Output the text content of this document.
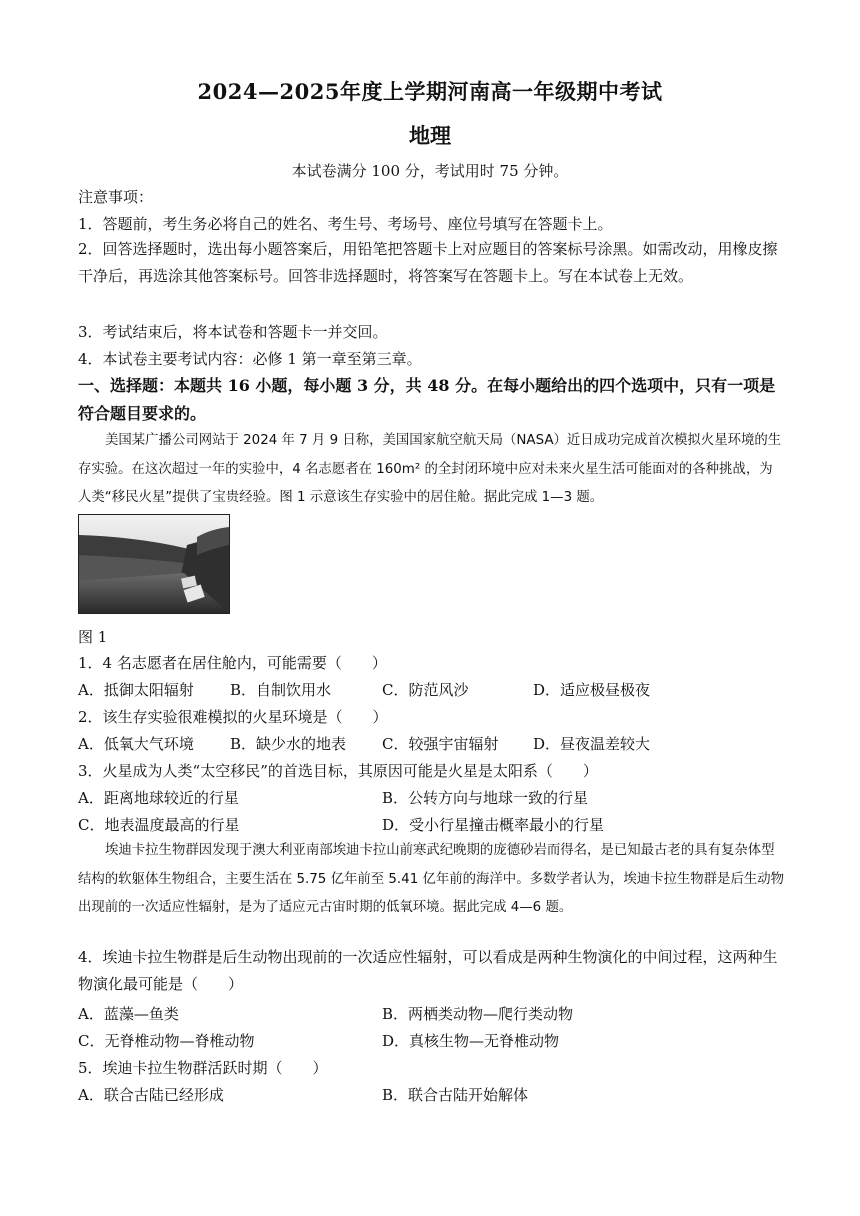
2024—2025年度上学期河南高一年级期中考试
地理
本试卷满分 100 分，考试用时 75 分钟。
注意事项：
1．答题前，考生务必将自己的姓名、考生号、考场号、座位号填写在答题卡上。
2．回答选择题时，选出每小题答案后，用铅笔把答题卡上对应题目的答案标号涂黑。如需改动，用橡皮擦干净后，再选涂其他答案标号。回答非选择题时，将答案写在答题卡上。写在本试卷上无效。
3．考试结束后，将本试卷和答题卡一并交回。
4．本试卷主要考试内容：必修 1 第一章至第三章。
一、选择题：本题共 16 小题，每小题 3 分，共 48 分。在每小题给出的四个选项中，只有一项是符合题目要求的。
美国某广播公司网站于 2024 年 7 月 9 日称，美国国家航空航天局（NASA）近日成功完成首次模拟火星环境的生存实验。在这次超过一年的实验中，4 名志愿者在 160m² 的全封闭环境中应对未来火星生活可能面对的各种挑战，为人类“移民火星”提供了宝贵经验。图 1 示意该生存实验中的居住舱。据此完成 1—3 题。
图 1
1．4 名志愿者在居住舱内，可能需要（　　）
A．抵御太阳辐射 B．自制饮用水	C．防范风沙	D．适应极昼极夜
2．该生存实验很难模拟的火星环境是（　　）
A．低氧大气环境 B．缺少水的地表 C．较强宇宙辐射 D．昼夜温差较大
3．火星成为人类“太空移民”的首选目标，其原因可能是火星是太阳系（　　）
A．距离地球较近的行星	B．公转方向与地球一致的行星
C．地表温度最高的行星	D．受小行星撞击概率最小的行星
埃迪卡拉生物群因发现于澳大利亚南部埃迪卡拉山前寒武纪晚期的庞德砂岩而得名，是已知最古老的具有复杂体型结构的软躯体生物组合，主要生活在 5.75 亿年前至 5.41 亿年前的海洋中。多数学者认为，埃迪卡拉生物群是后生动物出现前的一次适应性辐射，是为了适应元古宙时期的低氧环境。据此完成 4—6 题。
4．埃迪卡拉生物群是后生动物出现前的一次适应性辐射，可以看成是两种生物演化的中间过程，这两种生物演化最可能是（　　）
A．蓝藻—鱼类	B．两栖类动物—爬行类动物
C．无脊椎动物—脊椎动物	D．真核生物—无脊椎动物
5．埃迪卡拉生物群活跃时期（　　）
A．联合古陆已经形成	B．联合古陆开始解体
